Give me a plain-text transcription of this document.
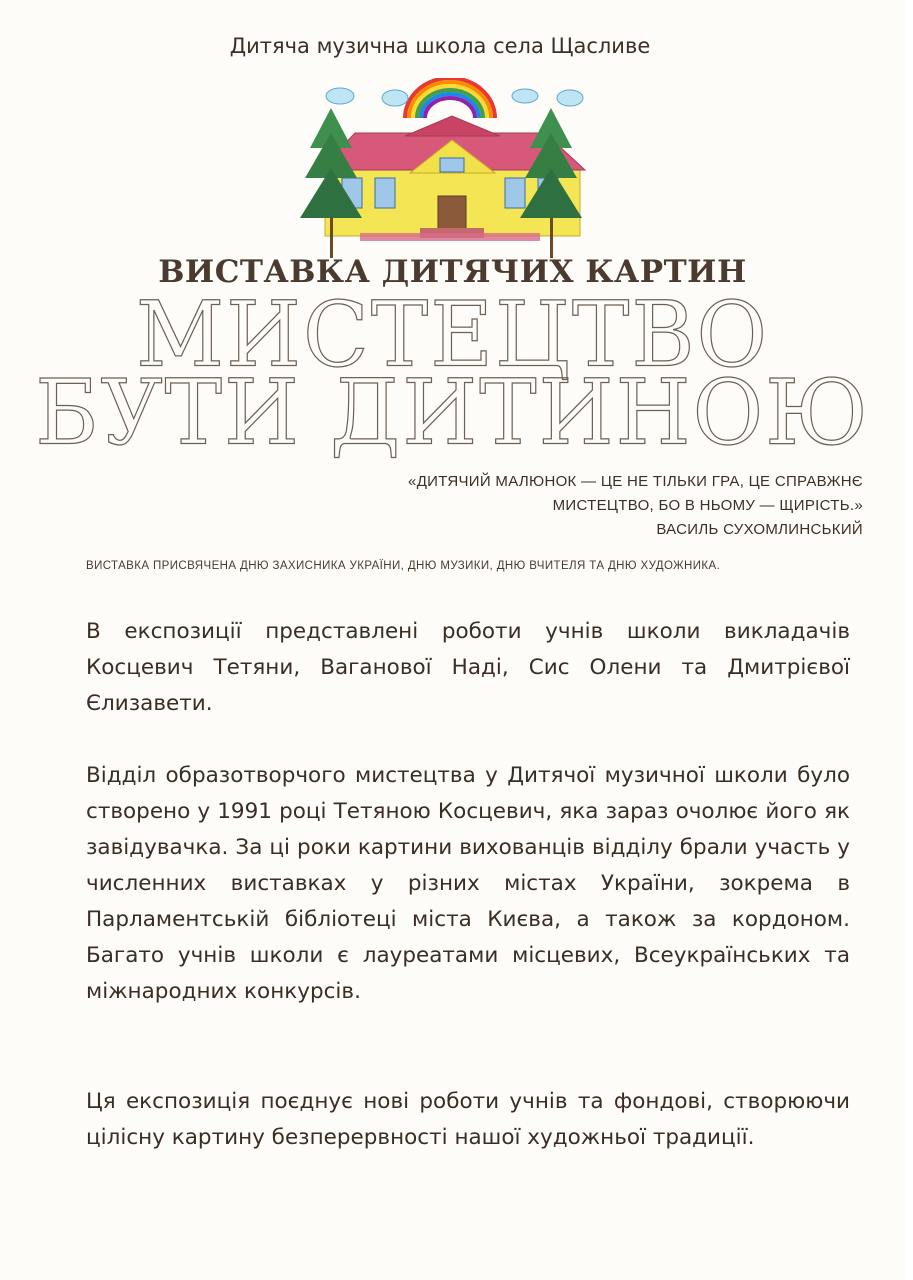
Дитяча музична школа села Щасливе
ВИСТАВКА ДИТЯЧИХ КАРТИН
МИСТЕЦТВО
БУТИ ДИТИНОЮ
«ДИТЯЧИЙ МАЛЮНОК — ЦЕ НЕ ТІЛЬКИ ГРА, ЦЕ СПРАВЖНЄ
МИСТЕЦТВО, БО В НЬОМУ — ЩИРІСТЬ.»
ВАСИЛЬ СУХОМЛИНСЬКИЙ
ВИСТАВКА ПРИСВЯЧЕНА ДНЮ ЗАХИСНИКА УКРАЇНИ, ДНЮ МУЗИКИ, ДНЮ ВЧИТЕЛЯ ТА ДНЮ ХУДОЖНИКА.
В експозиції представлені роботи учнів школи викладачів Косцевич Тетяни, Ваганової Наді, Сис Олени та Дмитрієвої Єлизавети.
Відділ образотворчого мистецтва у Дитячої музичної школи було створено у 1991 році Тетяною Косцевич, яка зараз очолює його як завідувачка. За ці роки картини вихованців відділу брали участь у численних виставках у різних містах України, зокрема в Парламентській бібліотеці міста Києва, а також за кордоном. Багато учнів школи є лауреатами місцевих, Всеукраїнських та міжнародних конкурсів.
Ця експозиція поєднує нові роботи учнів та фондові, створюючи цілісну картину безперервності нашої художньої традиції.
